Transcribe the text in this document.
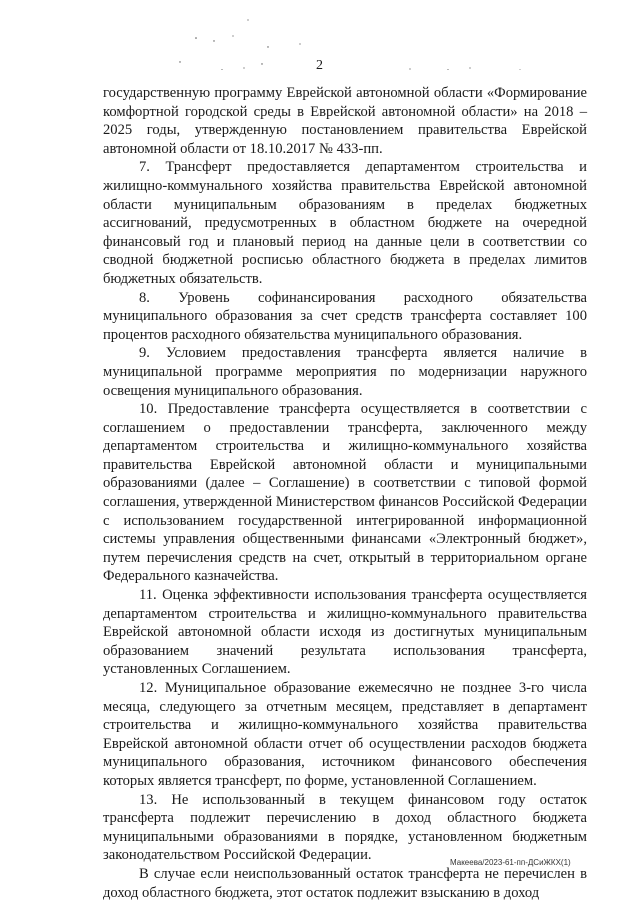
2

государственную программу Еврейской автономной области «Формирование комфортной городской среды в Еврейской автономной области» на 2018 – 2025 годы, утвержденную постановлением правительства Еврейской автономной области от 18.10.2017 № 433-пп.

7. Трансферт предоставляется департаментом строительства и жилищно-коммунального хозяйства правительства Еврейской автономной области муниципальным образованиям в пределах бюджетных ассигнований, предусмотренных в областном бюджете на очередной финансовый год и плановый период на данные цели в соответствии со сводной бюджетной росписью областного бюджета в пределах лимитов бюджетных обязательств.

8. Уровень софинансирования расходного обязательства муниципального образования за счет средств трансферта составляет 100 процентов расходного обязательства муниципального образования.

9. Условием предоставления трансферта является наличие в муниципальной программе мероприятия по модернизации наружного освещения муниципального образования.

10. Предоставление трансферта осуществляется в соответствии с соглашением о предоставлении трансферта, заключенного между департаментом строительства и жилищно-коммунального хозяйства правительства Еврейской автономной области и муниципальными образованиями (далее – Соглашение) в соответствии с типовой формой соглашения, утвержденной Министерством финансов Российской Федерации с использованием государственной интегрированной информационной системы управления общественными финансами «Электронный бюджет», путем перечисления средств на счет, открытый в территориальном органе Федерального казначейства.

11. Оценка эффективности использования трансферта осуществляется департаментом строительства и жилищно-коммунального правительства Еврейской автономной области исходя из достигнутых муниципальным образованием значений результата использования трансферта, установленных Соглашением.

12. Муниципальное образование ежемесячно не позднее 3-го числа месяца, следующего за отчетным месяцем, представляет в департамент строительства и жилищно-коммунального хозяйства правительства Еврейской автономной области отчет об осуществлении расходов бюджета муниципального образования, источником финансового обеспечения которых является трансферт, по форме, установленной Соглашением.

13. Не использованный в текущем финансовом году остаток трансферта подлежит перечислению в доход областного бюджета муниципальными образованиями в порядке, установленном бюджетным законодательством Российской Федерации.

В случае если неиспользованный остаток трансферта не перечислен в доход областного бюджета, этот остаток подлежит взысканию в доход

Макеева/2023-61-пп-ДСиЖКХ(1)
